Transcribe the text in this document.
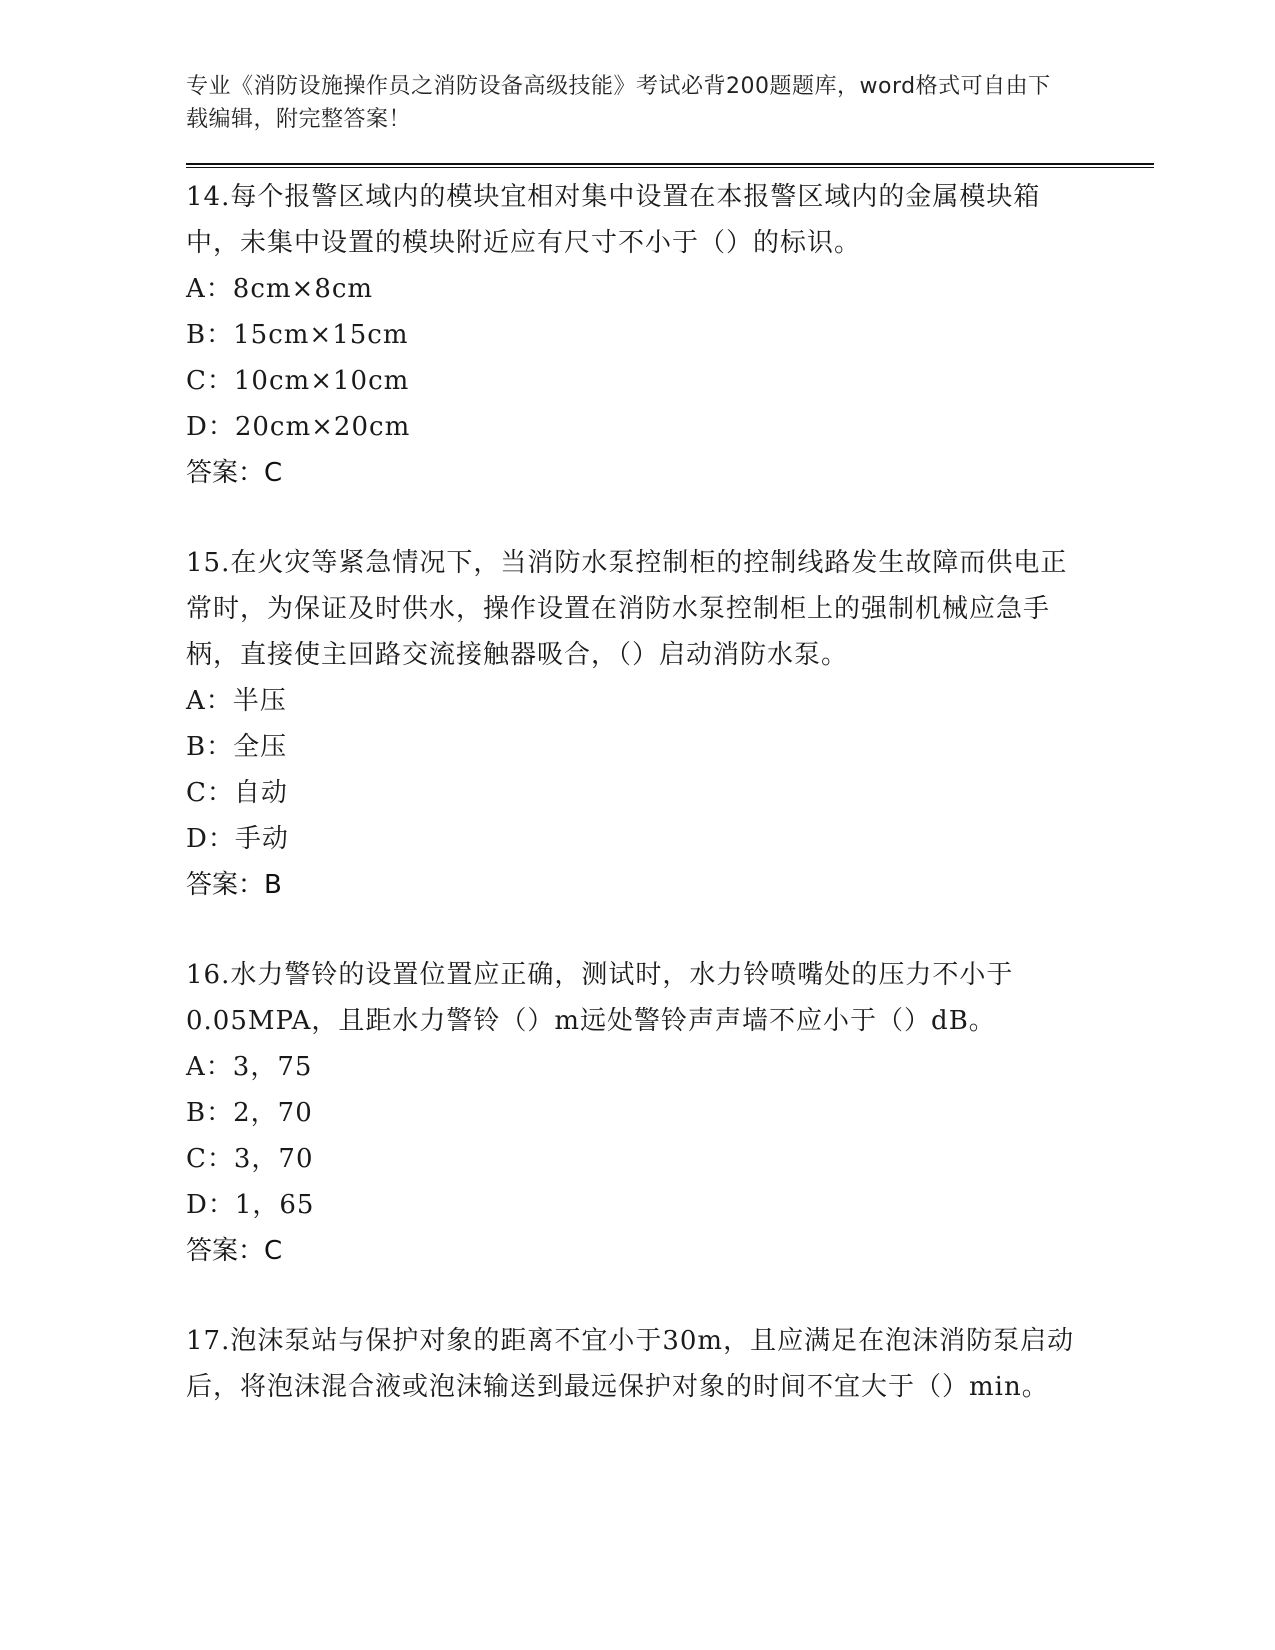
专业《消防设施操作员之消防设备高级技能》考试必背200题题库，word格式可自由下载编辑，附完整答案！
14.每个报警区域内的模块宜相对集中设置在本报警区域内的金属模块箱中，未集中设置的模块附近应有尺寸不小于（）的标识。
A：8cm×8cm
B：15cm×15cm
C：10cm×10cm
D：20cm×20cm
答案：C
15.在火灾等紧急情况下，当消防水泵控制柜的控制线路发生故障而供电正常时，为保证及时供水，操作设置在消防水泵控制柜上的强制机械应急手柄，直接使主回路交流接触器吸合，（）启动消防水泵。
A：半压
B：全压
C：自动
D：手动
答案：B
16.水力警铃的设置位置应正确，测试时，水力铃喷嘴处的压力不小于0.05MPA，且距水力警铃（）m远处警铃声声墙不应小于（）dB。
A：3，75
B：2，70
C：3，70
D：1，65
答案：C
17.泡沫泵站与保护对象的距离不宜小于30m，且应满足在泡沫消防泵启动后，将泡沫混合液或泡沫输送到最远保护对象的时间不宜大于（）min。
